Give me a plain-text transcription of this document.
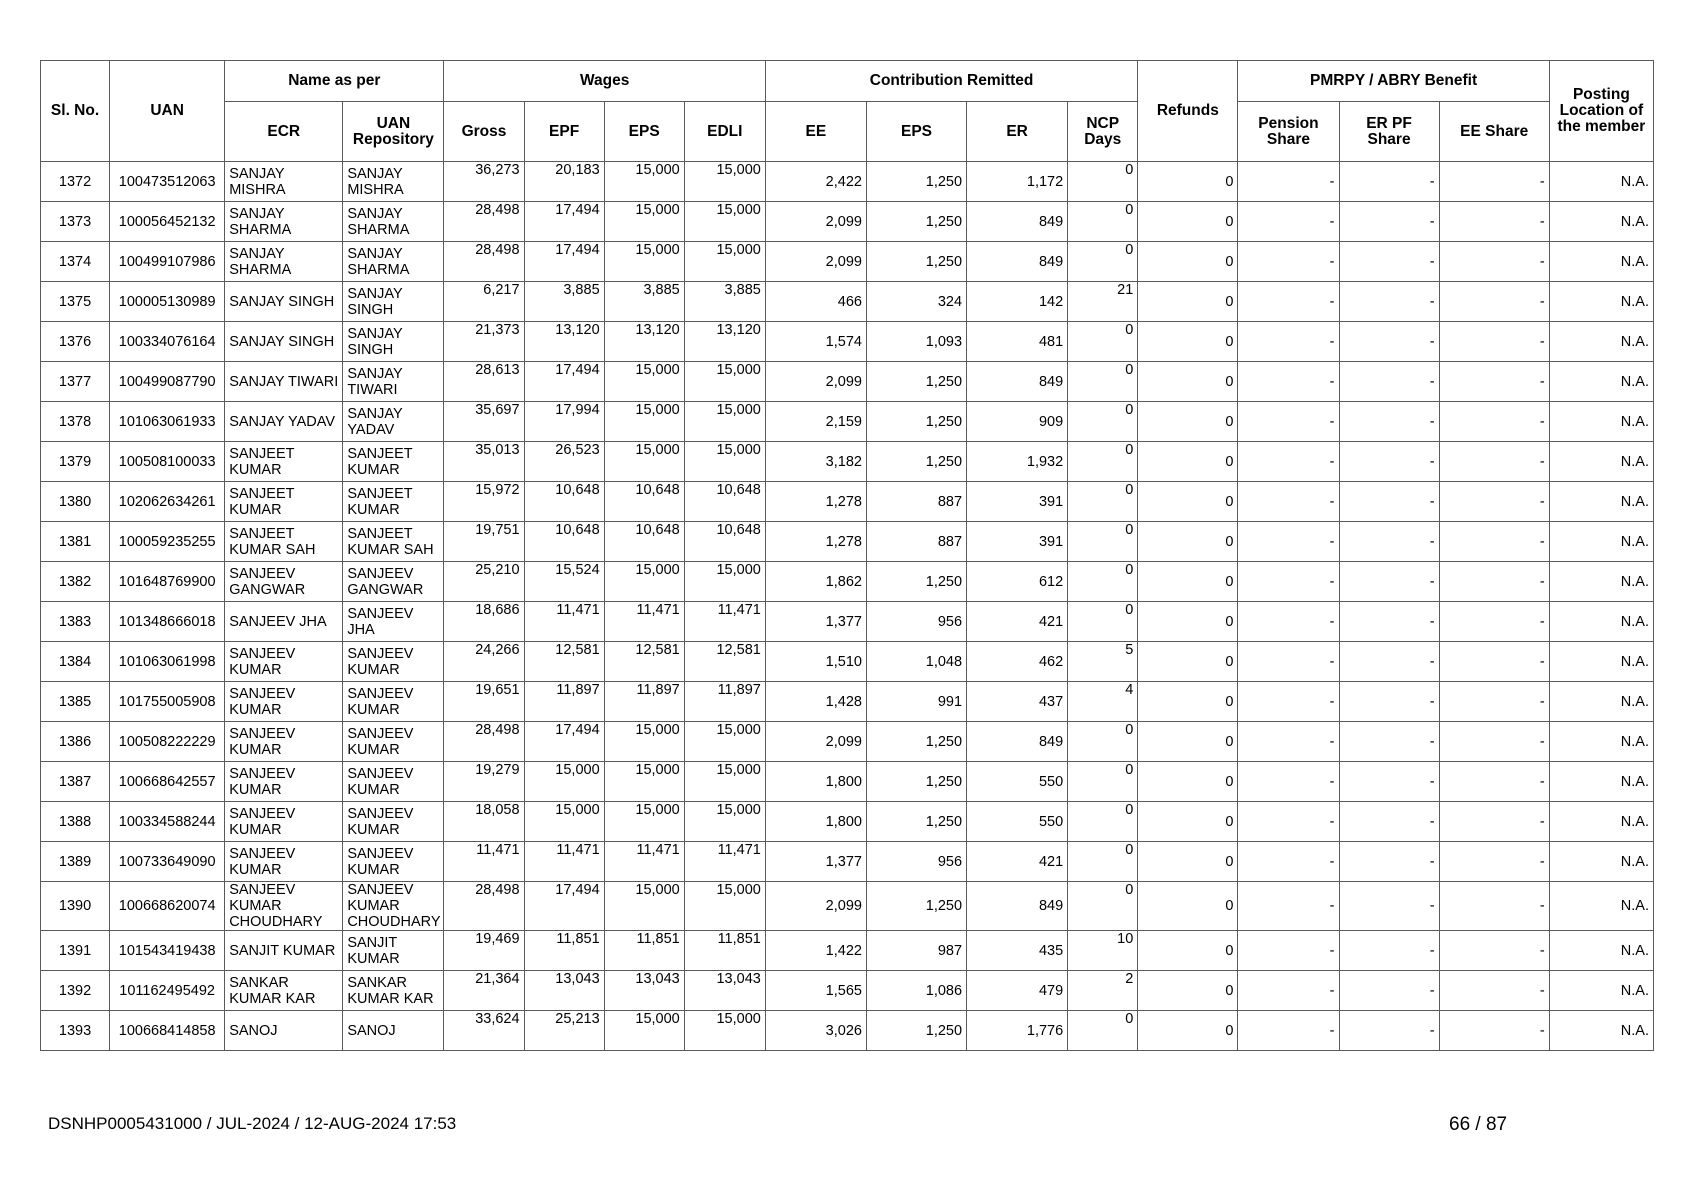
Sl. No.	UAN	Name as per		Wages				Contribution Remitted				Refunds	PMRPY / ABRY Benefit			Posting Location of the member
		ECR	UAN Repository	Gross	EPF	EPS	EDLI	EE	EPS	ER	NCP Days		Pension Share	ER PF Share	EE Share	
1372	100473512063	SANJAY MISHRA	SANJAY MISHRA	36,273	20,183	15,000	15,000	2,422	1,250	1,172	0	0	-	-	-	N.A.
1373	100056452132	SANJAY SHARMA	SANJAY SHARMA	28,498	17,494	15,000	15,000	2,099	1,250	849	0	0	-	-	-	N.A.
1374	100499107986	SANJAY SHARMA	SANJAY SHARMA	28,498	17,494	15,000	15,000	2,099	1,250	849	0	0	-	-	-	N.A.
1375	100005130989	SANJAY SINGH	SANJAY SINGH	6,217	3,885	3,885	3,885	466	324	142	21	0	-	-	-	N.A.
1376	100334076164	SANJAY SINGH	SANJAY SINGH	21,373	13,120	13,120	13,120	1,574	1,093	481	0	0	-	-	-	N.A.
1377	100499087790	SANJAY TIWARI	SANJAY TIWARI	28,613	17,494	15,000	15,000	2,099	1,250	849	0	0	-	-	-	N.A.
1378	101063061933	SANJAY YADAV	SANJAY YADAV	35,697	17,994	15,000	15,000	2,159	1,250	909	0	0	-	-	-	N.A.
1379	100508100033	SANJEET KUMAR	SANJEET KUMAR	35,013	26,523	15,000	15,000	3,182	1,250	1,932	0	0	-	-	-	N.A.
1380	102062634261	SANJEET KUMAR	SANJEET KUMAR	15,972	10,648	10,648	10,648	1,278	887	391	0	0	-	-	-	N.A.
1381	100059235255	SANJEET KUMAR SAH	SANJEET KUMAR SAH	19,751	10,648	10,648	10,648	1,278	887	391	0	0	-	-	-	N.A.
1382	101648769900	SANJEEV GANGWAR	SANJEEV GANGWAR	25,210	15,524	15,000	15,000	1,862	1,250	612	0	0	-	-	-	N.A.
1383	101348666018	SANJEEV JHA	SANJEEV JHA	18,686	11,471	11,471	11,471	1,377	956	421	0	0	-	-	-	N.A.
1384	101063061998	SANJEEV KUMAR	SANJEEV KUMAR	24,266	12,581	12,581	12,581	1,510	1,048	462	5	0	-	-	-	N.A.
1385	101755005908	SANJEEV KUMAR	SANJEEV KUMAR	19,651	11,897	11,897	11,897	1,428	991	437	4	0	-	-	-	N.A.
1386	100508222229	SANJEEV KUMAR	SANJEEV KUMAR	28,498	17,494	15,000	15,000	2,099	1,250	849	0	0	-	-	-	N.A.
1387	100668642557	SANJEEV KUMAR	SANJEEV KUMAR	19,279	15,000	15,000	15,000	1,800	1,250	550	0	0	-	-	-	N.A.
1388	100334588244	SANJEEV KUMAR	SANJEEV KUMAR	18,058	15,000	15,000	15,000	1,800	1,250	550	0	0	-	-	-	N.A.
1389	100733649090	SANJEEV KUMAR	SANJEEV KUMAR	11,471	11,471	11,471	11,471	1,377	956	421	0	0	-	-	-	N.A.
1390	100668620074	SANJEEV KUMAR CHOUDHARY	SANJEEV KUMAR CHOUDHARY	28,498	17,494	15,000	15,000	2,099	1,250	849	0	0	-	-	-	N.A.
1391	101543419438	SANJIT KUMAR	SANJIT KUMAR	19,469	11,851	11,851	11,851	1,422	987	435	10	0	-	-	-	N.A.
1392	101162495492	SANKAR KUMAR KAR	SANKAR KUMAR KAR	21,364	13,043	13,043	13,043	1,565	1,086	479	2	0	-	-	-	N.A.
1393	100668414858	SANOJ	SANOJ	33,624	25,213	15,000	15,000	3,026	1,250	1,776	0	0	-	-	-	N.A.
DSNHP0005431000 / JUL-2024 / 12-AUG-2024 17:53	66 / 87
